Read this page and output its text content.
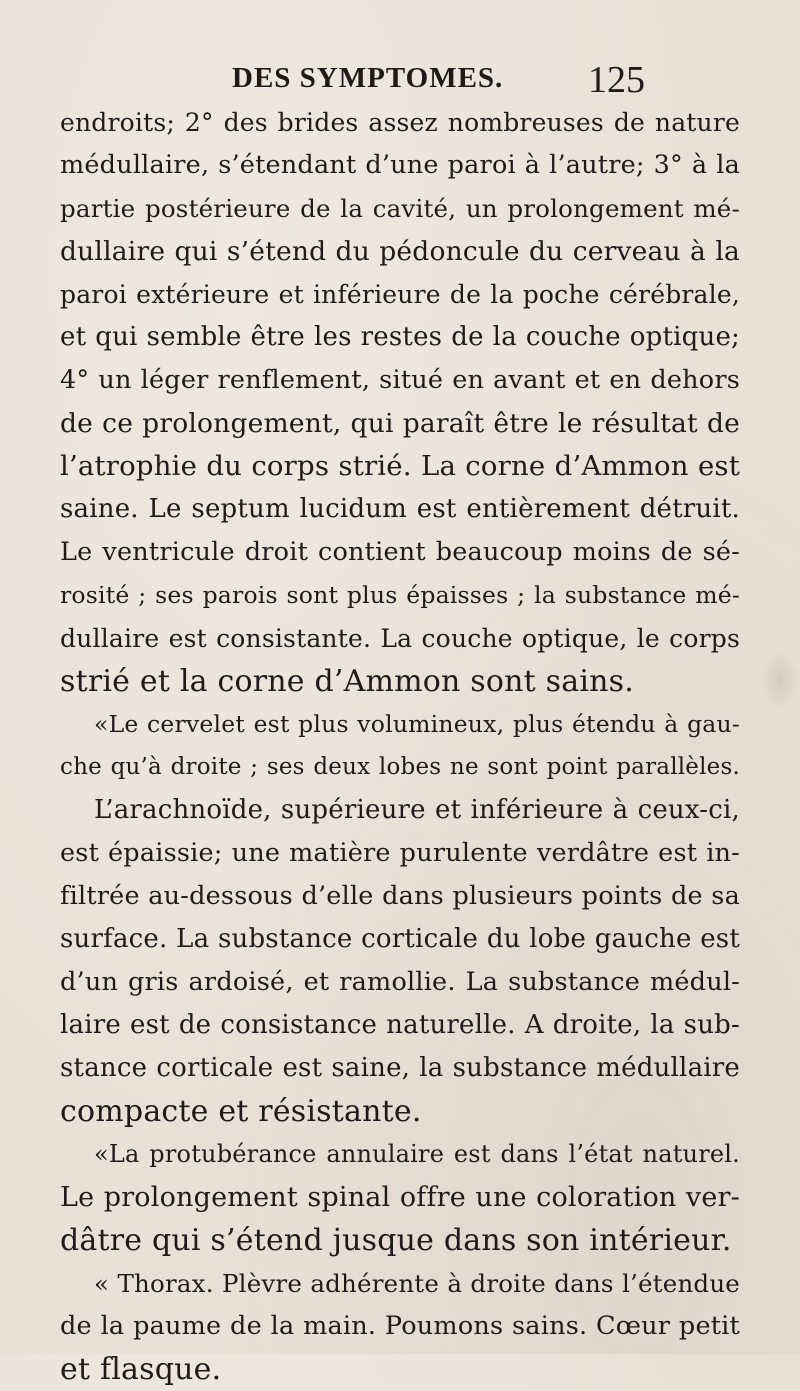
DES SYMPTOMES. 125
endroits; 2° des brides assez nombreuses de nature
médullaire, s’étendant d’une paroi à l’autre; 3° à la
partie postérieure de la cavité, un prolongement mé-
dullaire qui s’étend du pédoncule du cerveau à la
paroi extérieure et inférieure de la poche cérébrale,
et qui semble être les restes de la couche optique;
4° un léger renflement, situé en avant et en dehors
de ce prolongement, qui paraît être le résultat de
l’atrophie du corps strié. La corne d’Ammon est
saine. Le septum lucidum est entièrement détruit.
Le ventricule droit contient beaucoup moins de sé-
rosité ; ses parois sont plus épaisses ; la substance mé-
dullaire est consistante. La couche optique, le corps
strié et la corne d’Ammon sont sains.
«Le cervelet est plus volumineux, plus étendu à gau-
che qu’à droite ; ses deux lobes ne sont point parallèles.
L’arachnoïde, supérieure et inférieure à ceux-ci,
est épaissie; une matière purulente verdâtre est in-
filtrée au-dessous d’elle dans plusieurs points de sa
surface. La substance corticale du lobe gauche est
d’un gris ardoisé, et ramollie. La substance médul-
laire est de consistance naturelle. A droite, la sub-
stance corticale est saine, la substance médullaire
compacte et résistante.
«La protubérance annulaire est dans l’état naturel.
Le prolongement spinal offre une coloration ver-
dâtre qui s’étend jusque dans son intérieur.
« Thorax. Plèvre adhérente à droite dans l’étendue
de la paume de la main. Poumons sains. Cœur petit
et flasque.
